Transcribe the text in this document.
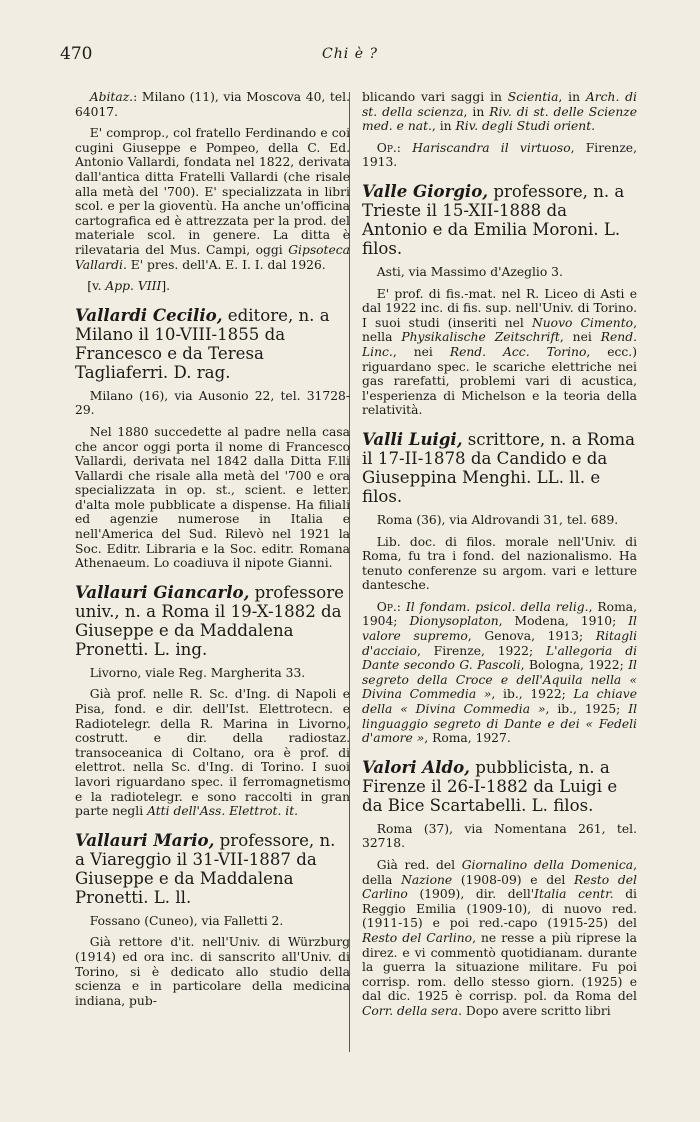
470	Chi è ?

Abitaz.: Milano (11), via Moscova 40, tel. 64017.

E' comprop., col fratello Ferdinando e coi cugini Giuseppe e Pompeo, della C. Ed. Antonio Vallardi, fondata nel 1822, derivata dall'antica ditta Fratelli Vallardi (che risale alla metà del '700). E' specializzata in libri scol. e per la gioventù. Ha anche un'officina cartografica ed è attrezzata per la prod. del materiale scol. in genere. La ditta è rilevataria del Mus. Campi, oggi Gipsoteca Vallardi. E' pres. dell'A. E. I. I. dal 1926.

[v. App. VIII].

Vallardi Cecilio, editore, n. a Milano il 10-VIII-1855 da Francesco e da Teresa Tagliaferri. D. rag.

Milano (16), via Ausonio 22, tel. 31728-29.

Nel 1880 succedette al padre nella casa che ancor oggi porta il nome di Francesco Vallardi, derivata nel 1842 dalla Ditta F.lli Vallardi che risale alla metà del '700 e ora specializzata in op. st., scient. e letter. d'alta mole pubblicate a dispense. Ha filiali ed agenzie numerose in Italia e nell'America del Sud. Rilevò nel 1921 la Soc. Editr. Libraria e la Soc. editr. Romana Athenaeum. Lo coadiuva il nipote Gianni.

Vallauri Giancarlo, professore univ., n. a Roma il 19-X-1882 da Giuseppe e da Maddalena Pronetti. L. ing.

Livorno, viale Reg. Margherita 33.

Già prof. nelle R. Sc. d'Ing. di Napoli e Pisa, fond. e dir. dell'Ist. Elettrotecn. e Radiotelegr. della R. Marina in Livorno, costrutt. e dir. della radiostaz. transoceanica di Coltano, ora è prof. di elettrot. nella Sc. d'Ing. di Torino. I suoi lavori riguardano spec. il ferromagnetismo e la radiotelegr. e sono raccolti in gran parte negli Atti dell'Ass. Elettrot. it.

Vallauri Mario, professore, n. a Viareggio il 31-VII-1887 da Giuseppe e da Maddalena Pronetti. L. ll.

Fossano (Cuneo), via Falletti 2.

Già rettore d'it. nell'Univ. di Würzburg (1914) ed ora inc. di sanscrito all'Univ. di Torino, si è dedicato allo studio della scienza e in particolare della medicina indiana, pub-

blicando vari saggi in Scientia, in Arch. di st. della scienza, in Riv. di st. delle Scienze med. e nat., in Riv. degli Studi orient.

Op.: Hariscandra il virtuoso, Firenze, 1913.

Valle Giorgio, professore, n. a Trieste il 15-XII-1888 da Antonio e da Emilia Moroni. L. filos.

Asti, via Massimo d'Azeglio 3.

E' prof. di fis.-mat. nel R. Liceo di Asti e dal 1922 inc. di fis. sup. nell'Univ. di Torino. I suoi studi (inseriti nel Nuovo Cimento, nella Physikalische Zeitschrift, nei Rend. Linc., nei Rend. Acc. Torino, ecc.) riguardano spec. le scariche elettriche nei gas rarefatti, problemi vari di acustica, l'esperienza di Michelson e la teoria della relatività.

Valli Luigi, scrittore, n. a Roma il 17-II-1878 da Candido e da Giuseppina Menghi. LL. ll. e filos.

Roma (36), via Aldrovandi 31, tel. 689.

Lib. doc. di filos. morale nell'Univ. di Roma, fu tra i fond. del nazionalismo. Ha tenuto conferenze su argom. vari e letture dantesche.

Op.: Il fondam. psicol. della relig., Roma, 1904; Dionysoplaton, Modena, 1910; Il valore supremo, Genova, 1913; Ritagli d'acciaio, Firenze, 1922; L'allegoria di Dante secondo G. Pascoli, Bologna, 1922; Il segreto della Croce e dell'Aquila nella « Divina Commedia », ib., 1922; La chiave della « Divina Commedia », ib., 1925; Il linguaggio segreto di Dante e dei « Fedeli d'amore », Roma, 1927.

Valori Aldo, pubblicista, n. a Firenze il 26-I-1882 da Luigi e da Bice Scartabelli. L. filos.

Roma (37), via Nomentana 261, tel. 32718.

Già red. del Giornalino della Domenica, della Nazione (1908-09) e del Resto del Carlino (1909), dir. dell'Italia centr. di Reggio Emilia (1909-10), di nuovo red. (1911-15) e poi red.-capo (1915-25) del Resto del Carlino, ne resse a più riprese la direz. e vi commentò quotidianam. durante la guerra la situazione militare. Fu poi corrisp. rom. dello stesso giorn. (1925) e dal dic. 1925 è corrisp. pol. da Roma del Corr. della sera. Dopo avere scritto libri
